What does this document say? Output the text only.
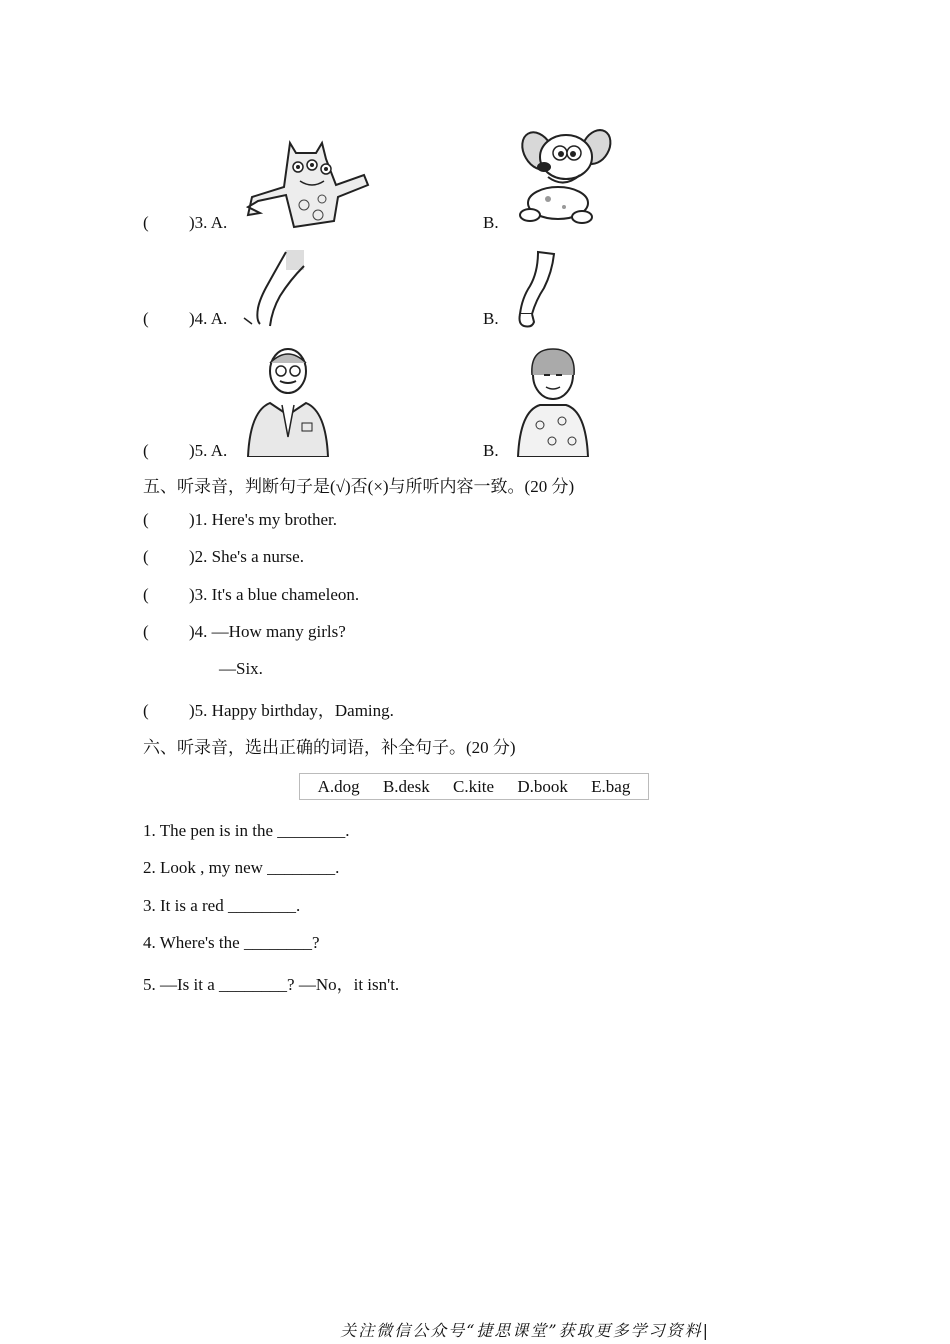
( )3. A.	B.
( )4. A.	B.
( )5. A.	B.
五、听录音，判断句子是(√)否(×)与所听内容一致。(20 分)
( )1. Here's my brother.
( )2. She's a nurse.
( )3. It's a blue chameleon.
( )4. —How many girls?
—Six.
( )5. Happy birthday，Daming.
六、听录音，选出正确的词语，补全句子。(20 分)
A.dog B.desk C.kite D.book E.bag
1. The pen is in the ________.
2. Look , my new ________.
3. It is a red ________.
4. Where's the ________?
5. —Is it a ________? —No，it isn't.
关注微信公众号“捷思课堂”获取更多学习资料|
